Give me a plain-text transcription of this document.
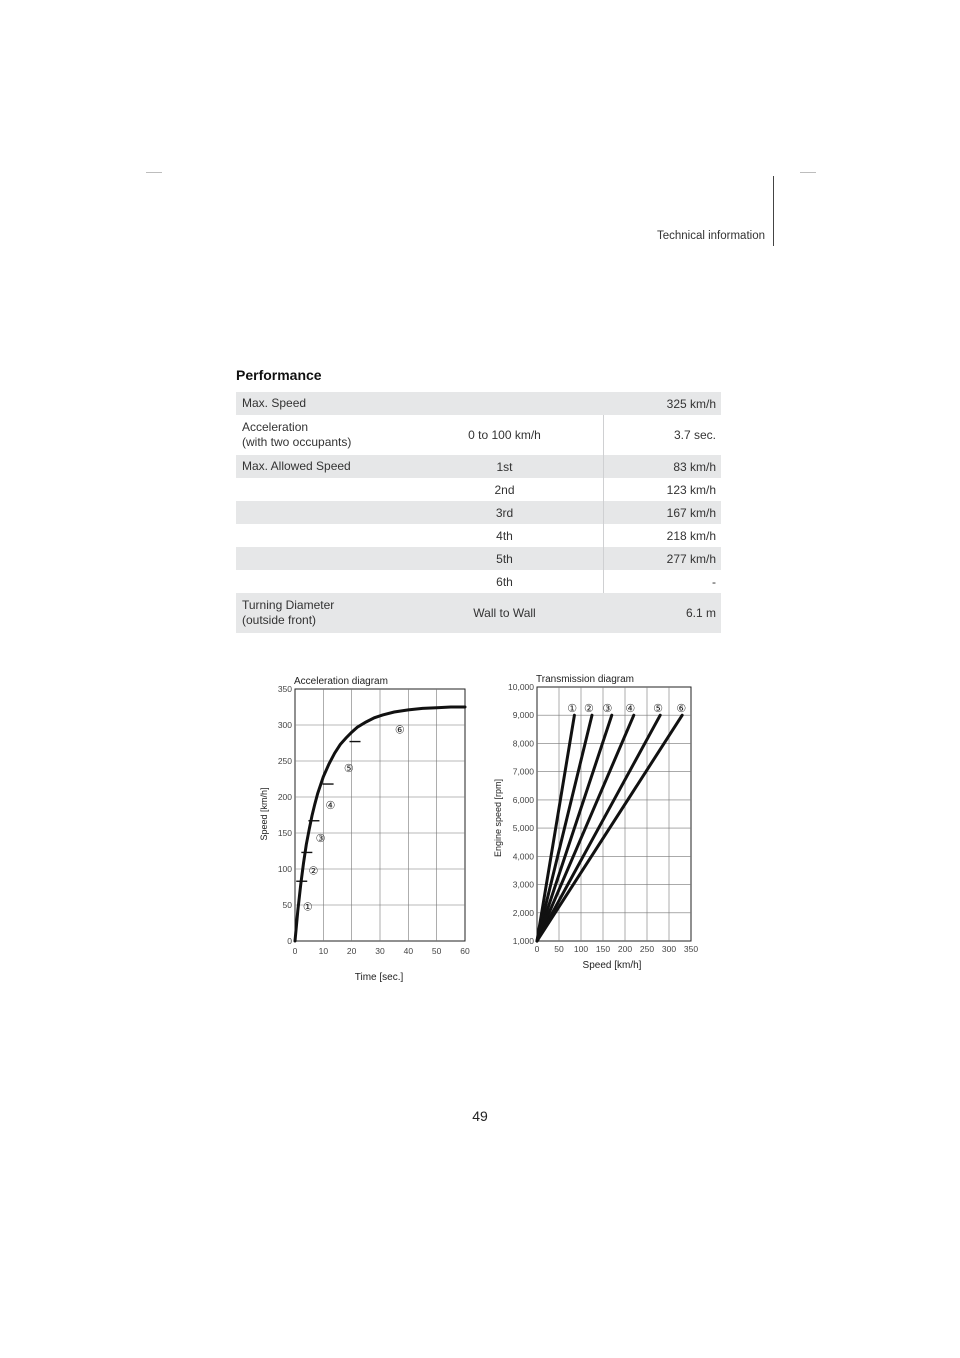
Technical information
Performance
Max. Speed	325 km/h
Acceleration
(with two occupants)	0 to 100 km/h	3.7 sec.
Max. Allowed Speed	1st	83 km/h
2nd	123 km/h
3rd	167 km/h
4th	218 km/h
5th	277 km/h
6th	-
Turning Diameter
(outside front)	Wall to Wall	6.1 m
Acceleration diagram
Time [sec.]
Speed [km/h]
0 10 20 30 40 50 60
0
50
100
150
200
250
300
350
①
②
③
④
⑤
⑥
Transmission diagram
Speed [km/h]
Engine speed [rpm]
0 50 100 150 200 250 300 350
1,000
2,000
3,000
4,000
5,000
6,000
7,000
8,000
9,000
10,000
① ② ③ ④ ⑤ ⑥
49
